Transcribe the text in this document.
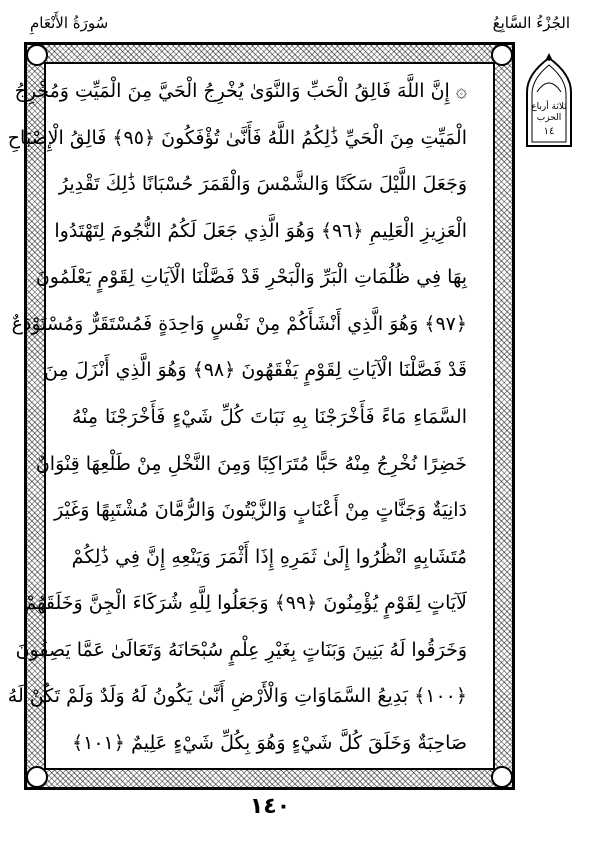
سُورَةُ الأَنْعَامِ	الجُزْءُ السَّابِعُ
۞ إِنَّ اللَّهَ فَالِقُ الْحَبِّ وَالنَّوَىٰ يُخْرِجُ الْحَيَّ مِنَ الْمَيِّتِ وَمُخْرِجُ
الْمَيِّتِ مِنَ الْحَيِّ ذَٰلِكُمُ اللَّهُ فَأَنَّىٰ تُؤْفَكُونَ ﴿٩٥﴾ فَالِقُ الْإِصْبَاحِ
وَجَعَلَ اللَّيْلَ سَكَنًا وَالشَّمْسَ وَالْقَمَرَ حُسْبَانًا ذَٰلِكَ تَقْدِيرُ
الْعَزِيزِ الْعَلِيمِ ﴿٩٦﴾ وَهُوَ الَّذِي جَعَلَ لَكُمُ النُّجُومَ لِتَهْتَدُوا
بِهَا فِي ظُلُمَاتِ الْبَرِّ وَالْبَحْرِ قَدْ فَصَّلْنَا الْآيَاتِ لِقَوْمٍ يَعْلَمُونَ
﴿٩٧﴾ وَهُوَ الَّذِي أَنْشَأَكُمْ مِنْ نَفْسٍ وَاحِدَةٍ فَمُسْتَقَرٌّ وَمُسْتَوْدَعٌ
قَدْ فَصَّلْنَا الْآيَاتِ لِقَوْمٍ يَفْقَهُونَ ﴿٩٨﴾ وَهُوَ الَّذِي أَنْزَلَ مِنَ
السَّمَاءِ مَاءً فَأَخْرَجْنَا بِهِ نَبَاتَ كُلِّ شَيْءٍ فَأَخْرَجْنَا مِنْهُ
خَضِرًا نُخْرِجُ مِنْهُ حَبًّا مُتَرَاكِبًا وَمِنَ النَّخْلِ مِنْ طَلْعِهَا قِنْوَانٌ
دَانِيَةٌ وَجَنَّاتٍ مِنْ أَعْنَابٍ وَالزَّيْتُونَ وَالرُّمَّانَ مُشْتَبِهًا وَغَيْرَ
مُتَشَابِهٍ انْظُرُوا إِلَىٰ ثَمَرِهِ إِذَا أَثْمَرَ وَيَنْعِهِ إِنَّ فِي ذَٰلِكُمْ
لَآيَاتٍ لِقَوْمٍ يُؤْمِنُونَ ﴿٩٩﴾ وَجَعَلُوا لِلَّهِ شُرَكَاءَ الْجِنَّ وَخَلَقَهُمْ
وَخَرَقُوا لَهُ بَنِينَ وَبَنَاتٍ بِغَيْرِ عِلْمٍ سُبْحَانَهُ وَتَعَالَىٰ عَمَّا يَصِفُونَ
﴿١٠٠﴾ بَدِيعُ السَّمَاوَاتِ وَالْأَرْضِ أَنَّىٰ يَكُونُ لَهُ وَلَدٌ وَلَمْ تَكُنْ لَهُ
صَاحِبَةٌ وَخَلَقَ كُلَّ شَيْءٍ وَهُوَ بِكُلِّ شَيْءٍ عَلِيمٌ ﴿١٠١﴾
ثلاثة أرباع الحزب
١٤
١٤٠
